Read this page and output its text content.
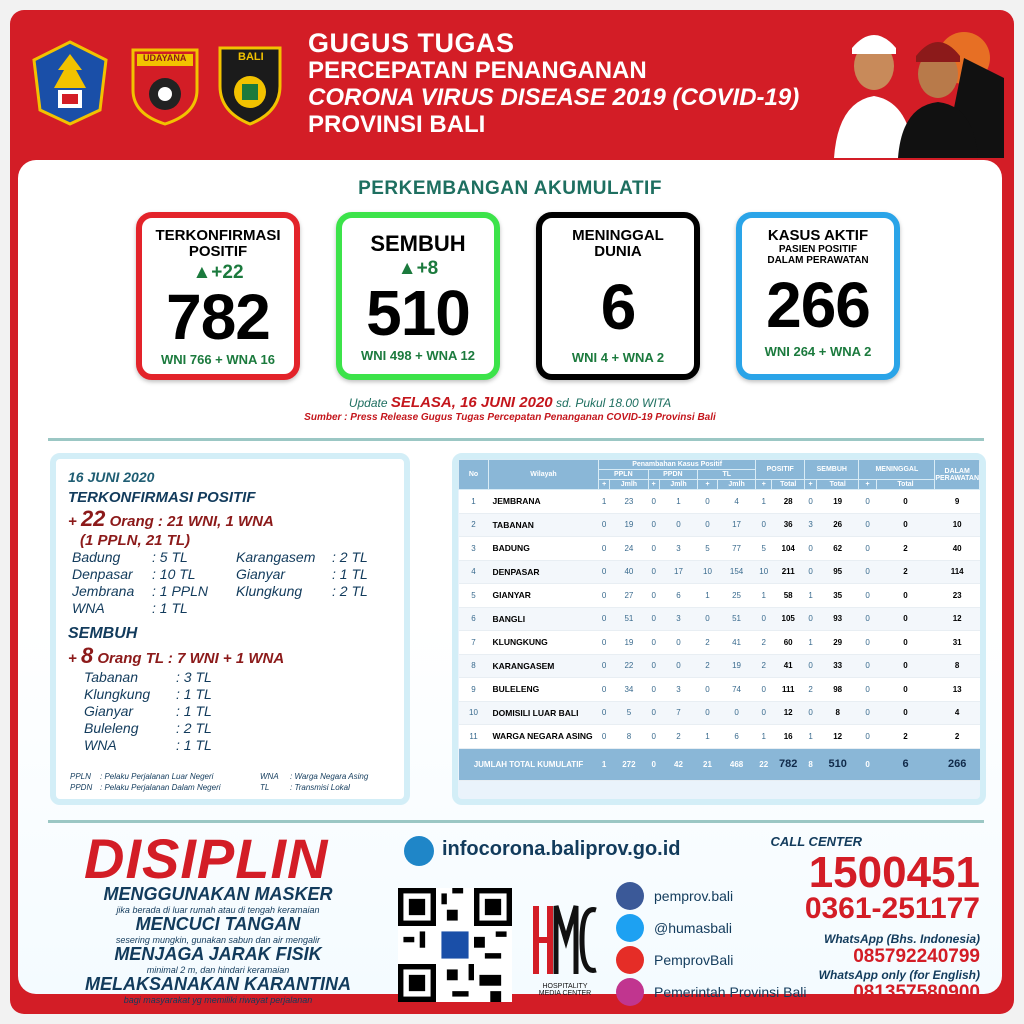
UDAYANA	BALI GUGUS TUGAS
PERCEPATAN PENANGANAN
CORONA VIRUS DISEASE 2019 (COVID-19)
PROVINSI BALI
PERKEMBANGAN AKUMULATIF
TERKONFIRMASI
POSITIF
▲+22
782
WNI 766 + WNA 16
SEMBUH
▲+8
510
WNI 498 + WNA 12
MENINGGAL
DUNIA
6
WNI 4 + WNA 2
KASUS AKTIF
PASIEN POSITIF
DALAM PERAWATAN
266
WNI 264 + WNA 2
Update SELASA, 16 JUNI 2020 sd. Pukul 18.00 WITA
Sumber : Press Release Gugus Tugas Percepatan Penanganan COVID-19 Provinsi Bali
16 JUNI 2020
TERKONFIRMASI POSITIF
+ 22 Orang : 21 WNI, 1 WNA
(1 PPLN, 21 TL)
Badung	: 5 TL	Karangasem	: 2 TL
Denpasar	: 10 TL	Gianyar	: 1 TL
Jembrana	: 1 PPLN	Klungkung	: 2 TL
WNA	: 1 TL
SEMBUH
+ 8 Orang TL : 7 WNI + 1 WNA
Tabanan	: 3 TL
Klungkung	: 1 TL
Gianyar	: 1 TL
Buleleng	: 2 TL
WNA	: 1 TL
PPLN	: Pelaku Perjalanan Luar Negeri	WNA	: Warga Negara Asing
PPDN : Pelaku Perjalanan Dalam Negeri	TL	: Transmisi Lokal
No	Wilayah	Penambahan Kasus Positif						POSITIF		SEMBUH		MENINGGAL		DALAM PERAWATAN
		PPLN		PPDN		TL								
		+	Jmlh	+	Jmlh	+	Jmlh	+	Total	+	Total	+	Total	
1	JEMBRANA	1	23	0	1	0	4	1	28	0	19	0	0	9
2	TABANAN	0	19	0	0	0	17	0	36	3	26	0	0	10
3	BADUNG	0	24	0	3	5	77	5	104	0	62	0	2	40
4	DENPASAR	0	40	0	17	10	154	10	211	0	95	0	2	114
5	GIANYAR	0	27	0	6	1	25	1	58	1	35	0	0	23
6	BANGLI	0	51	0	3	0	51	0	105	0	93	0	0	12
7	KLUNGKUNG	0	19	0	0	2	41	2	60	1	29	0	0	31
8	KARANGASEM	0	22	0	0	2	19	2	41	0	33	0	0	8
9	BULELENG	0	34	0	3	0	74	0	111	2	98	0	0	13
10	DOMISILI LUAR BALI	0	5	0	7	0	0	0	12	0	8	0	0	4
11	WARGA NEGARA ASING	0	8	0	2	1	6	1	16	1	12	0	2	2
JUMLAH TOTAL KUMULATIF		1	272	0	42	21	468	22	782	8	510	0	6	266
DISIPLIN
MENGGUNAKAN MASKER
jika berada di luar rumah atau di tengah keramaian
MENCUCI TANGAN
sesering mungkin, gunakan sabun dan air mengalir
MENJAGA JARAK FISIK
minimal 2 m, dan hindari keramaian
MELAKSANAKAN KARANTINA
bagi masyarakat yg memiliki riwayat perjalanan
infocorona.baliprov.go.id
HOSPITALITY
MEDIA CENTER
pemprov.bali
@humasbali
PemprovBali
Pemerintah Provinsi Bali
CALL CENTER
1500451
0361-251177
WhatsApp (Bhs. Indonesia)
085792240799
WhatsApp only (for English)
081357580900
